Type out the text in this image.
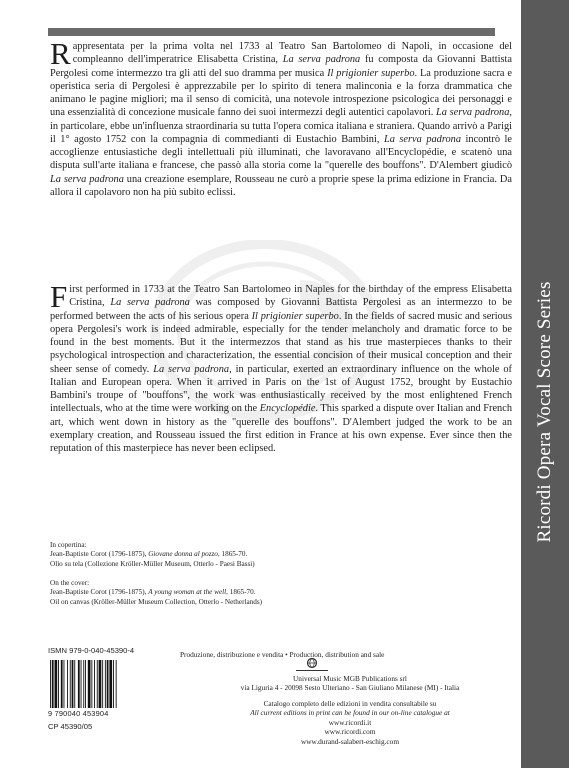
Rappresentata per la prima volta nel 1733 al Teatro San Bartolomeo di Napoli, in occasione del compleanno dell'imperatrice Elisabetta Cristina, La serva padrona fu composta da Giovanni Battista Pergolesi come intermezzo tra gli atti del suo dramma per musica Il prigionier superbo. La produzione sacra e operistica seria di Pergolesi è apprezzabile per lo spirito di tenera malinconia e la forza drammatica che animano le pagine migliori; ma il senso di comicità, una notevole introspezione psicologica dei personaggi e una essenzialità di concezione musicale fanno dei suoi intermezzi degli autentici capolavori. La serva padrona, in particolare, ebbe un'influenza straordinaria su tutta l'opera comica italiana e straniera. Quando arrivò a Parigi il 1° agosto 1752 con la compagnia di commedianti di Eustachio Bambini, La serva padrona incontrò le accoglienze entusiastiche degli intellettuali più illuminati, che lavoravano all'Encyclopédie, e scatenò una disputa sull'arte italiana e francese, che passò alla storia come la "querelle des bouffons". D'Alembert giudicò La serva padrona una creazione esemplare, Rousseau ne curò a proprie spese la prima edizione in Francia. Da allora il capolavoro non ha più subito eclissi.

First performed in 1733 at the Teatro San Bartolomeo in Naples for the birthday of the empress Elisabetta Cristina, La serva padrona was composed by Giovanni Battista Pergolesi as an intermezzo to be performed between the acts of his serious opera Il prigionier superbo. In the fields of sacred music and serious opera Pergolesi's work is indeed admirable, especially for the tender melancholy and dramatic force to be found in the best moments. But it the intermezzos that stand as his true masterpieces thanks to their psychological introspection and characterization, the essential concision of their musical conception and their sheer sense of comedy. La serva padrona, in particular, exerted an extraordinary influence on the whole of Italian and European opera. When it arrived in Paris on the 1st of August 1752, brought by Eustachio Bambini's troupe of "bouffons", the work was enthusiastically received by the most enlightened French intellectuals, who at the time were working on the Encyclopédie. This sparked a dispute over Italian and French art, which went down in history as the "querelle des bouffons". D'Alembert judged the work to be an exemplary creation, and Rousseau issued the first edition in France at his own expense. Ever since then the reputation of this masterpiece has never been eclipsed.

In copertina:
Jean-Baptiste Corot (1796-1875), Giovane donna al pozzo, 1865-70.
Olio su tela (Collezione Kröller-Müller Museum, Otterlo - Paesi Bassi)
On the cover:
Jean-Baptiste Corot (1796-1875), A young woman at the well, 1865-70.
Oil on canvas (Kröller-Müller Museum Collection, Otterlo - Netherlands)
ISMN 979-0-040-45390-4
9 790040 453904
CP 45390/05
Produzione, distribuzione e vendita • Production, distribution and sale
Universal Music MGB Publications srl
via Liguria 4 - 20098 Sesto Ulteriano - San Giuliano Milanese (MI) - Italia
Catalogo completo delle edizioni in vendita consultabile su
All current editions in print can be found in our on-line catalogue at
www.ricordi.it
www.ricordi.com
www.durand-salabert-eschig.com
Ricordi Opera Vocal Score Series
